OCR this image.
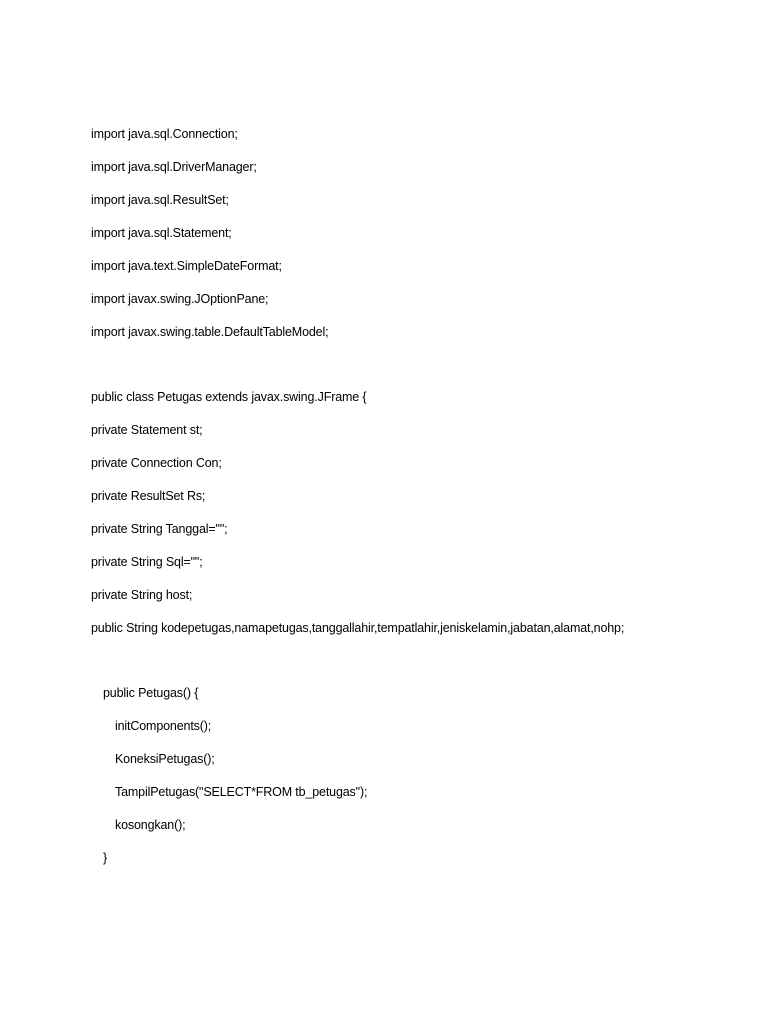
import java.sql.Connection;

import java.sql.DriverManager;

import java.sql.ResultSet;

import java.sql.Statement;

import java.text.SimpleDateFormat;

import javax.swing.JOptionPane;

import javax.swing.table.DefaultTableModel;

public class Petugas extends javax.swing.JFrame {

private Statement st;

private Connection Con;

private ResultSet Rs;

private String Tanggal="";

private String Sql="";

private String host;

public String kodepetugas,namapetugas,tanggallahir,tempatlahir,jeniskelamin,jabatan,alamat,nohp;

public Petugas() {

initComponents();

KoneksiPetugas();

TampilPetugas("SELECT*FROM tb_petugas");

kosongkan();

}
